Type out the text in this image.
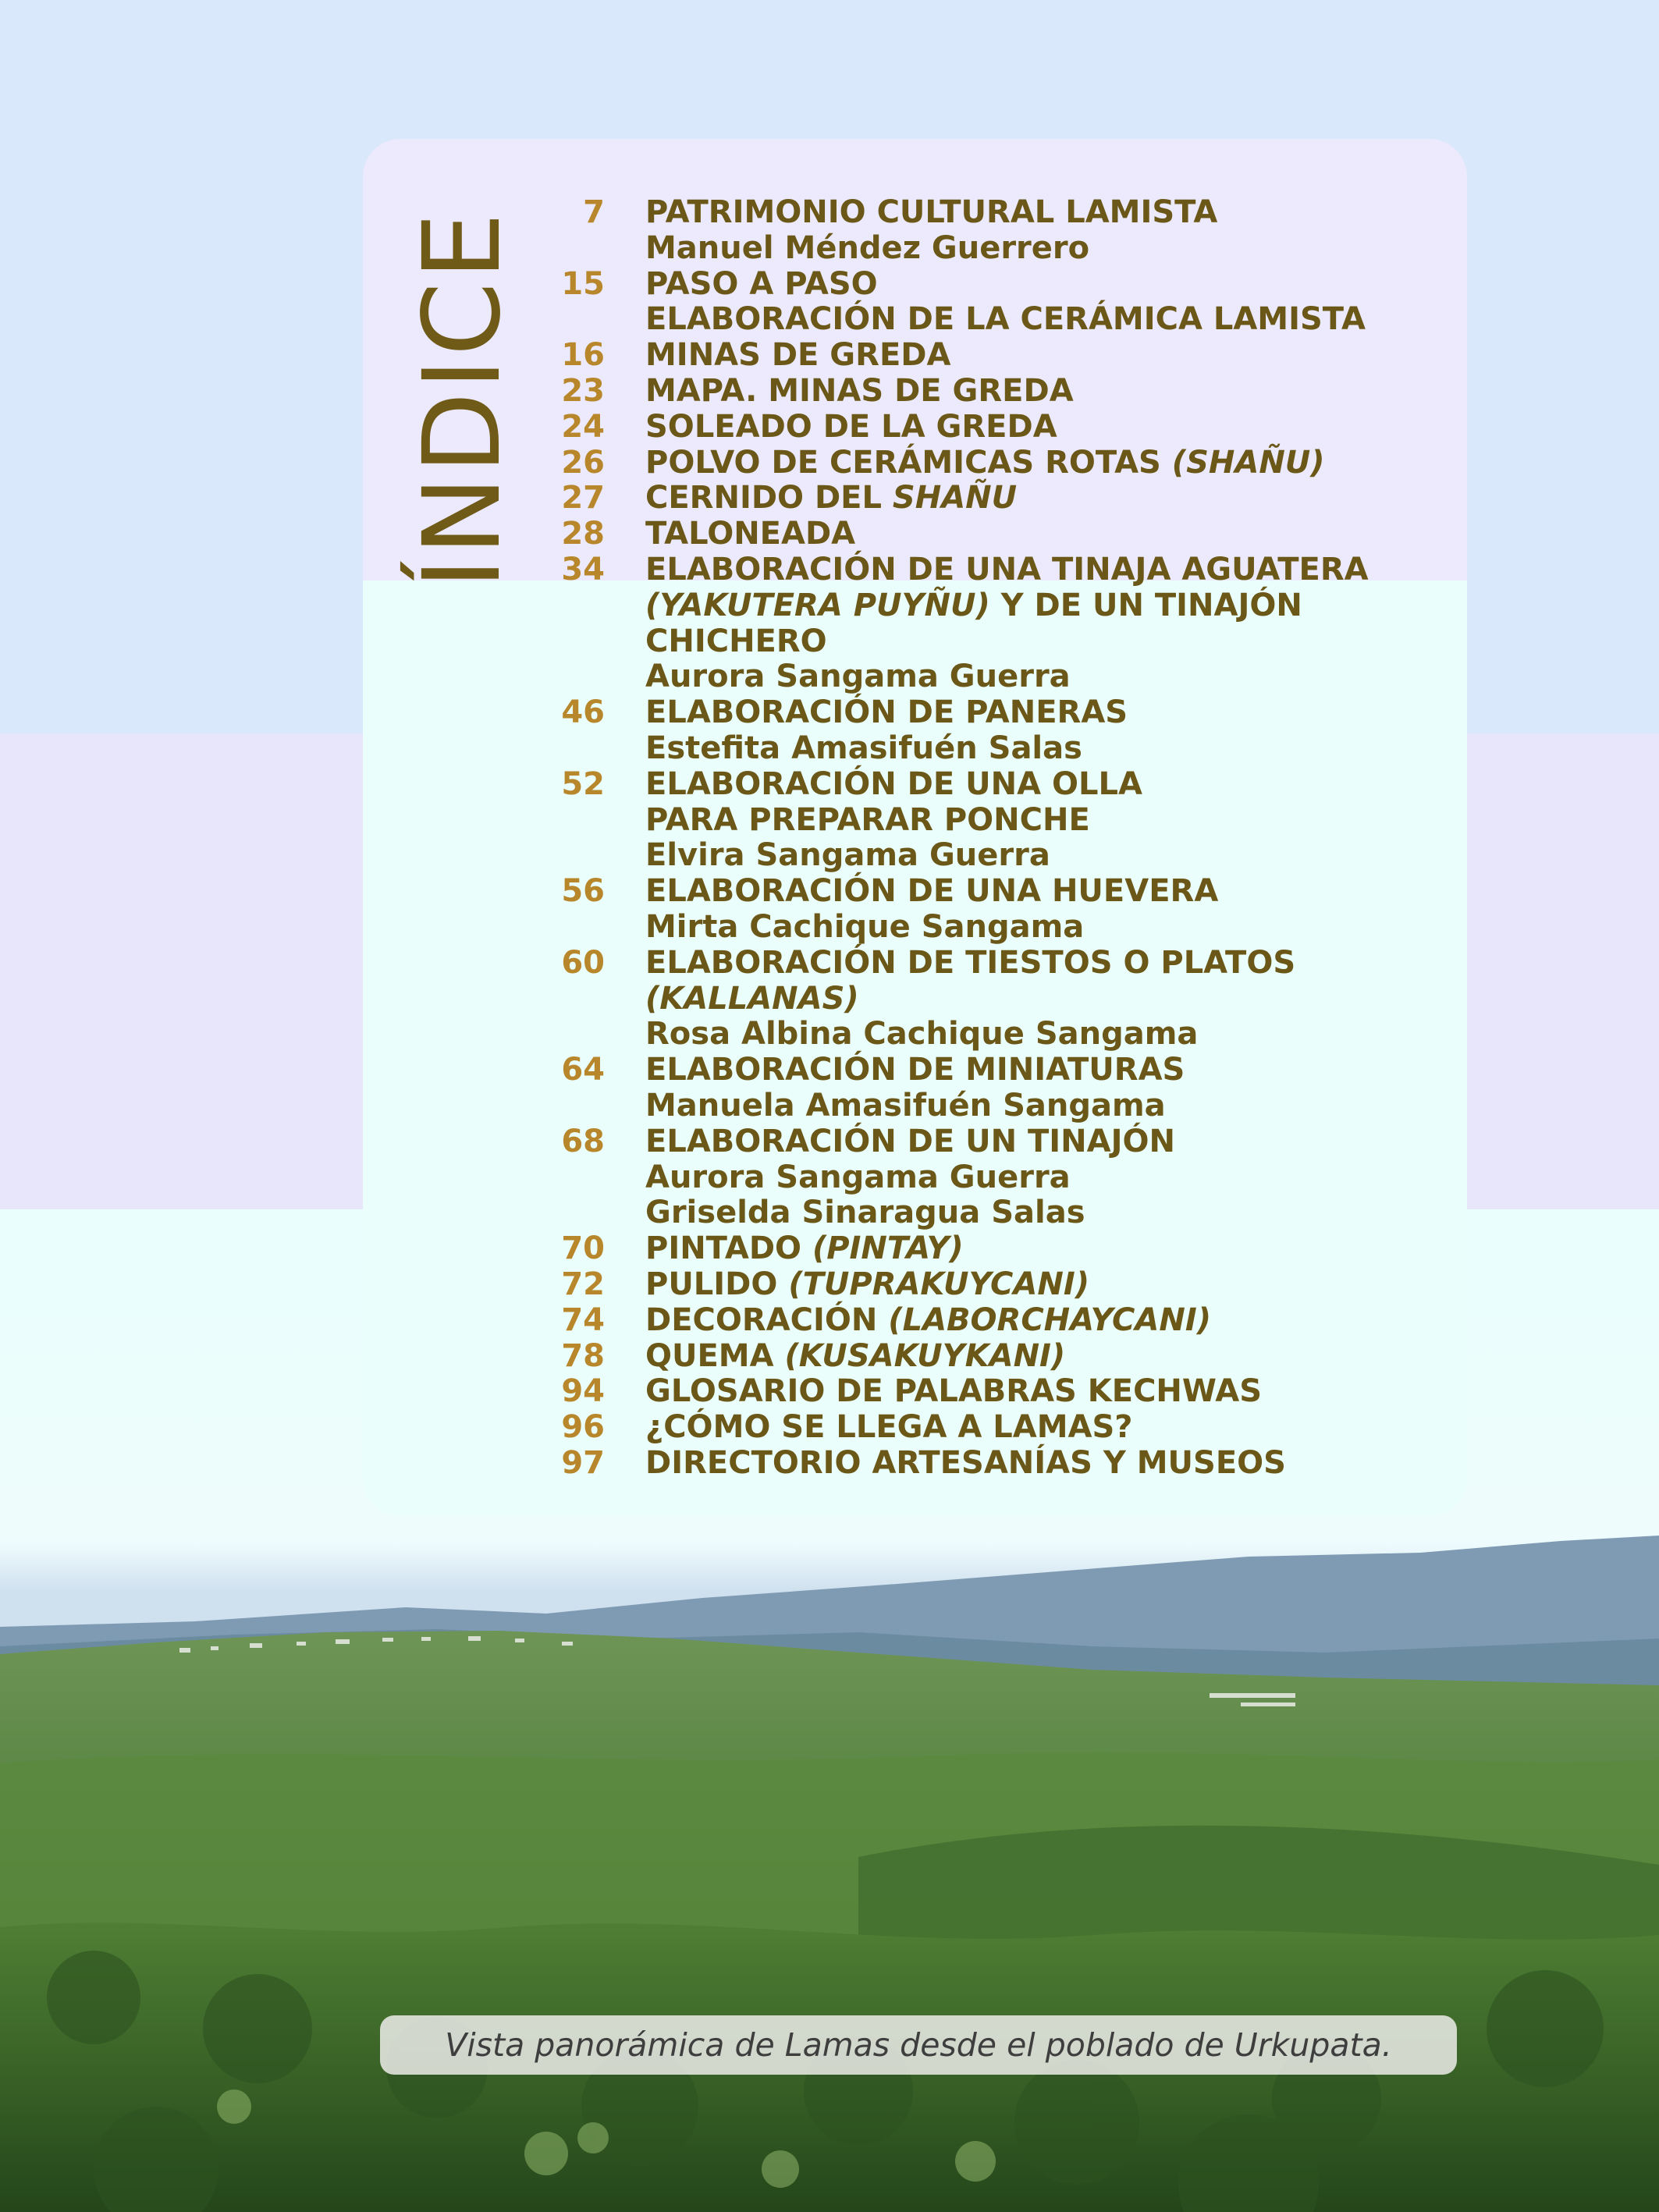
ÍNDICE	7 PATRIMONIO CULTURAL LAMISTA
Manuel Méndez Guerrero
15 PASO A PASO
ELABORACIÓN DE LA CERÁMICA LAMISTA
16 MINAS DE GREDA
23 MAPA. MINAS DE GREDA
24 SOLEADO DE LA GREDA
26 POLVO DE CERÁMICAS ROTAS (SHAÑU)
27 CERNIDO DEL SHAÑU
28 TALONEADA
34 ELABORACIÓN DE UNA TINAJA AGUATERA
(YAKUTERA PUYÑU) Y DE UN TINAJÓN
CHICHERO
Aurora Sangama Guerra
46 ELABORACIÓN DE PANERAS
Estefita Amasifuén Salas
52 ELABORACIÓN DE UNA OLLA
PARA PREPARAR PONCHE
Elvira Sangama Guerra
56 ELABORACIÓN DE UNA HUEVERA
Mirta Cachique Sangama
60 ELABORACIÓN DE TIESTOS O PLATOS
(KALLANAS)
Rosa Albina Cachique Sangama
64 ELABORACIÓN DE MINIATURAS
Manuela Amasifuén Sangama
68 ELABORACIÓN DE UN TINAJÓN
Aurora Sangama Guerra
Griselda Sinaragua Salas
70 PINTADO (PINTAY)
72 PULIDO (TUPRAKUYCANI)
74 DECORACIÓN (LABORCHAYCANI)
78 QUEMA (KUSAKUYKANI)
94 GLOSARIO DE PALABRAS KECHWAS
96 ¿CÓMO SE LLEGA A LAMAS?
97 DIRECTORIO ARTESANÍAS Y MUSEOS
Vista panorámica de Lamas desde el poblado de Urkupata.
